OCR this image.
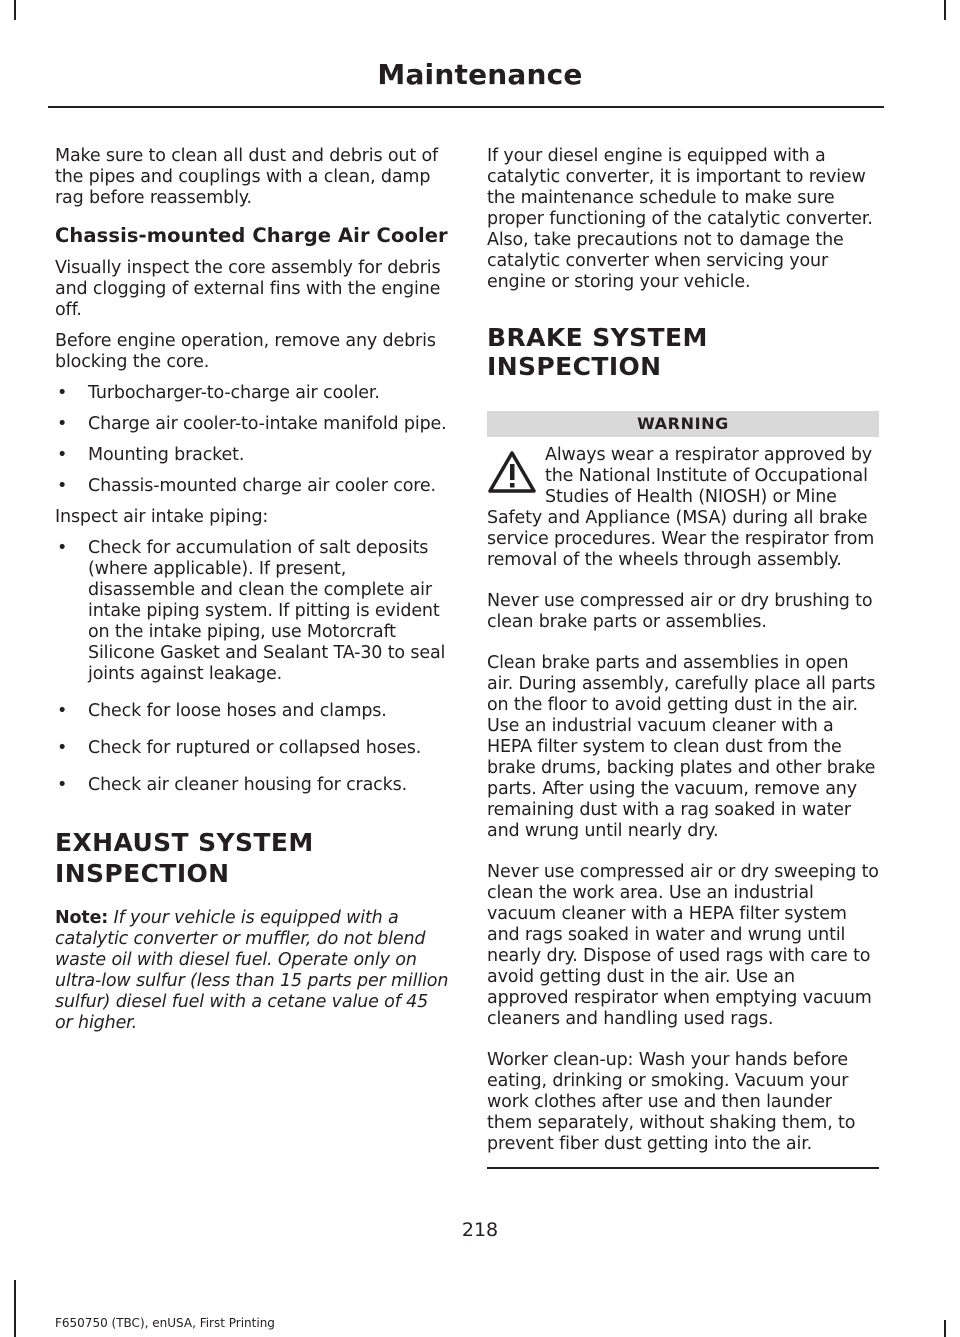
Maintenance

Make sure to clean all dust and debris out of the pipes and couplings with a clean, damp rag before reassembly.

Chassis-mounted Charge Air Cooler

Visually inspect the core assembly for debris and clogging of external fins with the engine off.

Before engine operation, remove any debris blocking the core.

• Turbocharger-to-charge air cooler.
• Charge air cooler-to-intake manifold pipe.
• Mounting bracket.
• Chassis-mounted charge air cooler core.

Inspect air intake piping:

• Check for accumulation of salt deposits (where applicable). If present, disassemble and clean the complete air intake piping system. If pitting is evident on the intake piping, use Motorcraft Silicone Gasket and Sealant TA-30 to seal joints against leakage.
• Check for loose hoses and clamps.
• Check for ruptured or collapsed hoses.
• Check air cleaner housing for cracks.
EXHAUST SYSTEM
INSPECTION

Note: If your vehicle is equipped with a catalytic converter or muffler, do not blend waste oil with diesel fuel. Operate only on ultra-low sulfur (less than 15 parts per million sulfur) diesel fuel with a cetane value of 45 or higher.

If your diesel engine is equipped with a catalytic converter, it is important to review the maintenance schedule to make sure proper functioning of the catalytic converter. Also, take precautions not to damage the catalytic converter when servicing your engine or storing your vehicle.

BRAKE SYSTEM INSPECTION
WARNING

Always wear a respirator approved by the National Institute of Occupational Studies of Health (NIOSH) or Mine Safety and Appliance (MSA) during all brake service procedures. Wear the respirator from removal of the wheels through assembly.

Never use compressed air or dry brushing to clean brake parts or assemblies.

Clean brake parts and assemblies in open air. During assembly, carefully place all parts on the floor to avoid getting dust in the air. Use an industrial vacuum cleaner with a HEPA filter system to clean dust from the brake drums, backing plates and other brake parts. After using the vacuum, remove any remaining dust with a rag soaked in water and wrung until nearly dry.

Never use compressed air or dry sweeping to clean the work area. Use an industrial vacuum cleaner with a HEPA filter system and rags soaked in water and wrung until nearly dry. Dispose of used rags with care to avoid getting dust in the air. Use an approved respirator when emptying vacuum cleaners and handling used rags.

Worker clean-up: Wash your hands before eating, drinking or smoking. Vacuum your work clothes after use and then launder them separately, without shaking them, to prevent fiber dust getting into the air.

218
F650750 (TBC), enUSA, First Printing
